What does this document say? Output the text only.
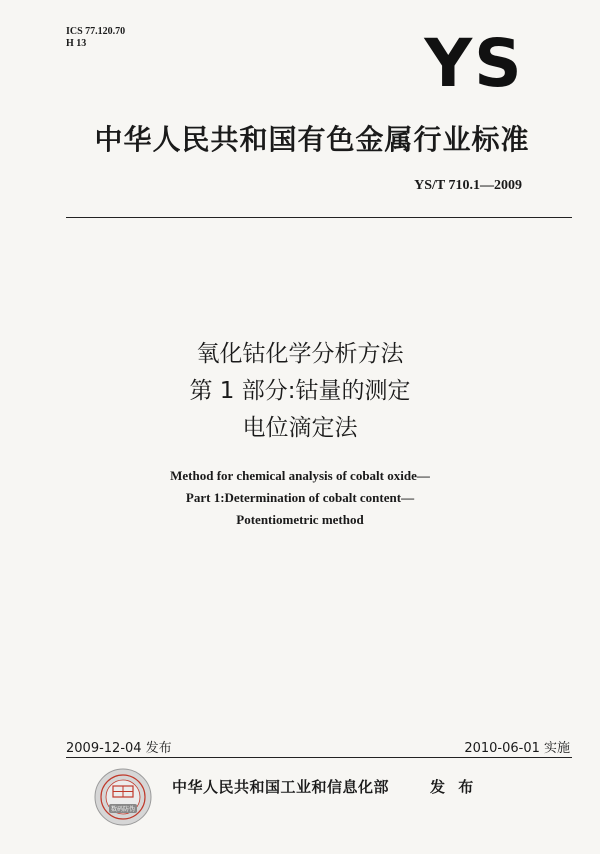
ICS 77.120.70
H 13	YS
中华人民共和国有色金属行业标准
YS/T 710.1—2009
氧化钴化学分析方法
第 1 部分:钴量的测定
电位滴定法
Method for chemical analysis of cobalt oxide—
Part 1:Determination of cobalt content—
Potentiometric method
2009-12-04 发布	2010-06-01 实施
数码防伪
中华人民共和国工业和信息化部	发 布
